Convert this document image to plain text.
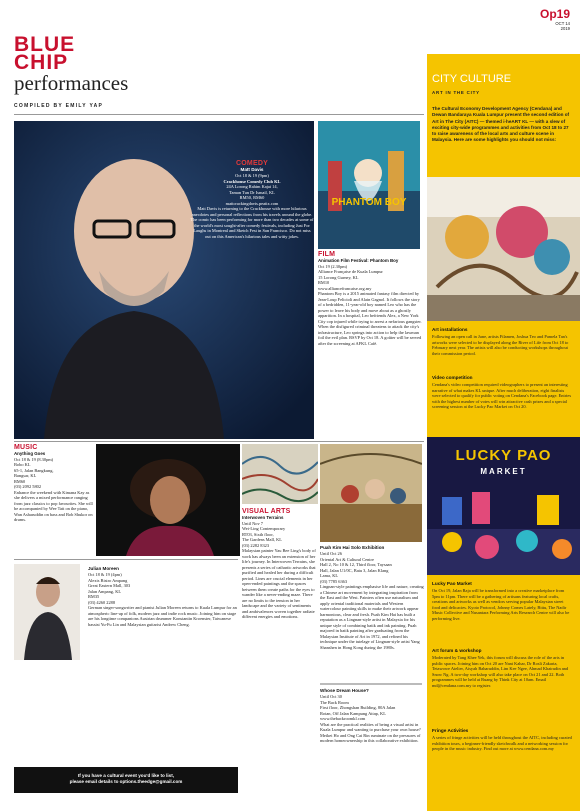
BLUE
CHIP
performances
COMPILED BY EMILY YAP
Op19
OCT 14
2019
CITY CULTURE
ART IN THE CITY
The Cultural Economy Development Agency (Cendana) and Dewan Bandaraya Kuala Lumpur present the second edition of Art in The City (AITC) — themed i·heART KL — with a slew of exciting city-wide programmes and activities from Oct 18 to 27 to raise awareness of the local arts and culture scene in Malaysia. Here are some highlights you should not miss:
Art installations
Following an open call in June, artists Filamen, Joshua Teo and Pamela Tan's artworks were selected to be displayed along the River of Life from Oct 18 to February next year. The artists will also be conducting workshops throughout their commission period.
Video competition
Cendana's video competition required videographers to present an interesting narrative of what makes KL unique. After much deliberation, eight finalists were selected to qualify for public voting on Cendana's Facebook page. Entries with the highest number of votes will win attractive cash prizes and a special screening session at the Lucky Pao Market on Oct 20.
LUCKY PAO
MARKET
Lucky Pao Market
On Oct 19, Jalan Raja will be transformed into a creative marketplace from 5pm to 11pm. There will be a gathering of artisans featuring local crafts, creations and artworks as well as vendors serving popular Malaysian street food and delicacies. Kyoto Protocol, Johnny Comes Lately, Bittu, The Nadir Music Collective and Nusantara Performing Arts Research Centre will also be performing live.
Art forum & workshop
Moderated by Tang Khee Yek, this forum will discuss the role of the arts in public spaces. Joining him on Oct 20 are Nani Kahar, Dr Rosli Zakaria, Tetawowe Atelier, Aisyah Baharuddin, Lim Kee Ngee, Ahmad Khairudin and Snow Ng. A two-day workshop will also take place on Oct 21 and 22. Both programmes will be held at Ruang by Think City at 10am. Email md@cendana.com.my to register.
Fringe Activities
A series of fringe activities will be held throughout the AITC, including curated exhibition tours, a beginner-friendly sketchwalk and a networking session for people in the music industry. Find out more at www.cendana.com.my
COMEDY
Matt Davis
Oct 18 & 19 (9pm)
Crackhouse Comedy Club KL
24A Lorong Rahim Kajai 14,
Taman Tun Dr Ismail, KL
RM50, RM60
mattcrackingdavis.peatix.com
Matt Davis is returning to the Crackhouse with more hilarious anecdotes and personal reflections from his travels around the globe. The comic has been performing for more than two decades at some of the world's most sought-after comedy festivals, including Just For Laughs in Montreal and Sketch Fest in San Francisco. Do not miss out on this American's hilarious tales and witty jokes.
PHANTOM BOY
FILM
Animation Film Festival: Phantom Boy
Oct 19 (2.30pm)
Alliance Française de Kuala Lumpur
15 Lorong Gurney, KL
RM10
www.alliancefrancaise.org.my
Phantom Boy is a 2015 animated fantasy film directed by Jean-Loup Felicioli and Alain Gagnol. It follows the story of a bedridden, 11-year-old boy named Leo who has the power to leave his body and move about as a ghostly apparition. In a hospital, Leo befriends Alex, a New York City cop injured while trying to arrest a nefarious gangster. When the disfigured criminal threatens to attack the city's infrastructure, Leo springs into action to help the lawman foil the evil plan. RSVP by Oct 18. A goûter will be served after the screening at AFKL Café.
MUSIC
Anything Goes
Oct 18 & 19 (8.30pm)
Bobo KL
65-1, Jalan Bangkung,
Bangsar, KL
RM60
(03) 2092 5802
Enhance the weekend with Kimana Kay as she delivers a mixed performance ranging from jazz classics to pop favourites. She will be accompanied by Wee Tatt on the piano, Wan Asharuddin on bass and Bob Shukor on drums.
VISUAL ARTS
Interwoven Terrains
Until Nov 7
Wei-Ling Contemporary
RT03, Sixth floor,
The Gardens Mall, KL
(03) 2282 8323
Malaysian painter Yau Bee Ling's body of work has always been an extension of her life's journey. In Interwoven Terrains, she presents a series of cathartic artworks that purified and healed her during a difficult period. Lines are crucial elements in her open-ended paintings and the spaces between them create paths for the eyes to wander like a never-ending maze. There are no limits to the tension in her landscape and the variety of sentiments and ambivalences woven together radiate different energies and emotions.
Puah Kim Hai Solo Exhibition
Until Oct 26
Oriental Art & Cultural Centre
Hall 2, No 10 & 12, Third floor, Taysaan
Hall, Jalan U1/0C, Batu 3, Jalan Klang
Lama, KL
(03) 7785 6363
Lingnan-style paintings emphasise life and nature, creating a Chinese art movement by integrating inspiration from the East and the West. Painters often use naturalism and apply oriental traditional materials and Western watercolour painting skills to make their artwork appear harmonious, clear and fresh. Puah Kim Hai has built a reputation as a Lingnan-style artist in Malaysia for his unique style of combining batik and ink painting. Puah majored in batik painting after graduating from the Malaysian Institute of Art in 1972, and refined his technique under the tutelage of Lingnan-style artist Yang Shanshen in Hong Kong during the 1980s.
Julian Moreen
Oct 18 & 19 (4pm)
Alexis Bistro Ampang
Great Eastern Mall, 303
Jalan Ampang, KL
RM35
(03) 4260 2288
German singer-songwriter and pianist Julian Moreen returns to Kuala Lumpur for an atmospheric line-up of folk, modern jazz and indie rock music. Joining him on stage are his longtime companions Austrian drummer Konstantin Kroenster, Taiwanese bassist Yu-Fu Lin and Malaysian guitarist Andrew Cheng.
Whose Dream House?
Until Oct 30
The Back Room
First floor, Zhongshan Building, 80A Jalan
Rotan, Off Jalan Kampung Attap, KL
www.thebackroomkl.com
What are the practical realities of being a visual artist in Kuala Lumpur and wanting to purchase your own house? Meikei Ho and Ong Cai Rin ruminate on the pressures of modern homeownership in this collaborative exhibition.
If you have a cultural event you'd like to list,
please email details to options.theedge@gmail.com
